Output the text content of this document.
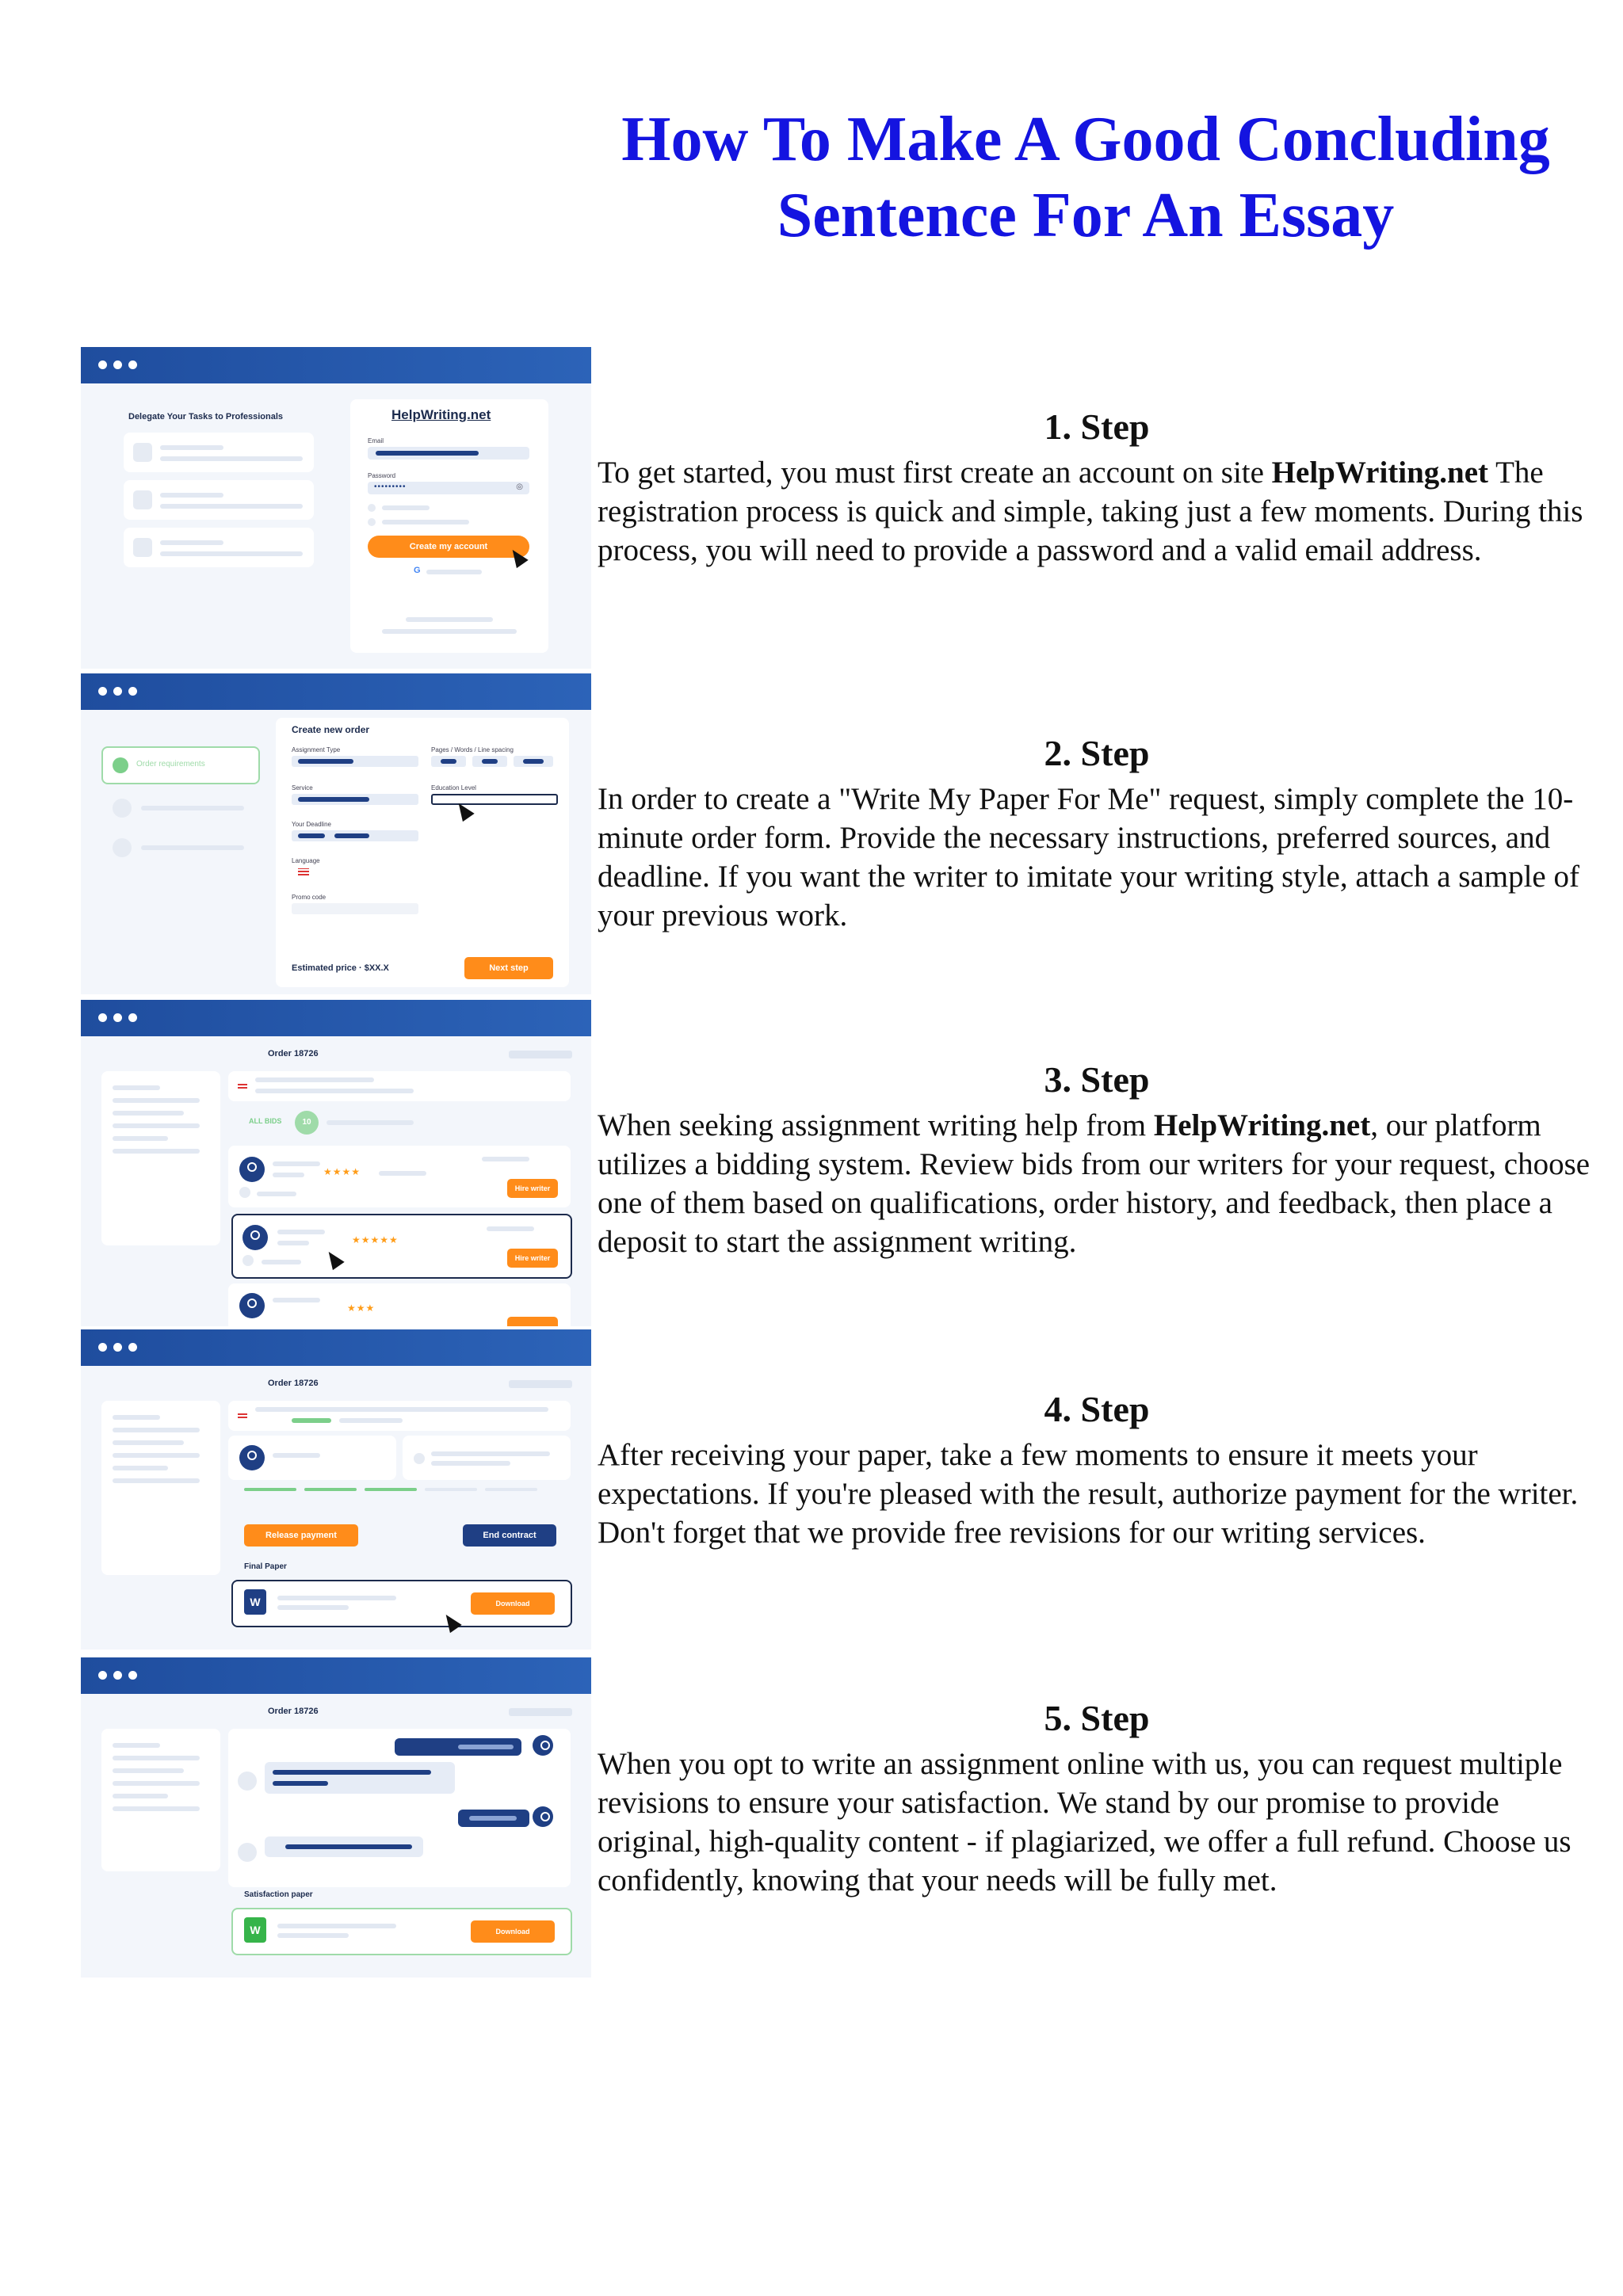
How To Make A Good Concluding
Sentence For An Essay
Delegate Your Tasks to Professionals	HelpWriting.net
Email
Password
•••••••••	◎
Create my account
G
Order requirements
Create new order
Assignment Type	Pages / Words / Line spacing
Service	Education Level
Your Deadline
Language
Promo code
Estimated price · $XX.X	Next step
Order 18726
ALL BIDS	10
★★★★
Hire writer
★★★★★
Hire writer
★★★
Order 18726
Release payment	End contract
Final Paper
W	Download
Order 18726
Satisfaction paper
W	Download
1. Step

To get started, you must first create an account on site HelpWriting.net The registration process is quick and simple, taking just a few moments. During this process, you will need to provide a password and a valid email address.

2. Step

In order to create a "Write My Paper For Me" request, simply complete the 10-minute order form. Provide the necessary instructions, preferred sources, and deadline. If you want the writer to imitate your writing style, attach a sample of your previous work.

3. Step

When seeking assignment writing help from HelpWriting.net, our platform utilizes a bidding system. Review bids from our writers for your request, choose one of them based on qualifications, order history, and feedback, then place a deposit to start the assignment writing.

4. Step

After receiving your paper, take a few moments to ensure it meets your expectations. If you're pleased with the result, authorize payment for the writer. Don't forget that we provide free revisions for our writing services.

5. Step

When you opt to write an assignment online with us, you can request multiple revisions to ensure your satisfaction. We stand by our promise to provide original, high-quality content - if plagiarized, we offer a full refund. Choose us confidently, knowing that your needs will be fully met.
